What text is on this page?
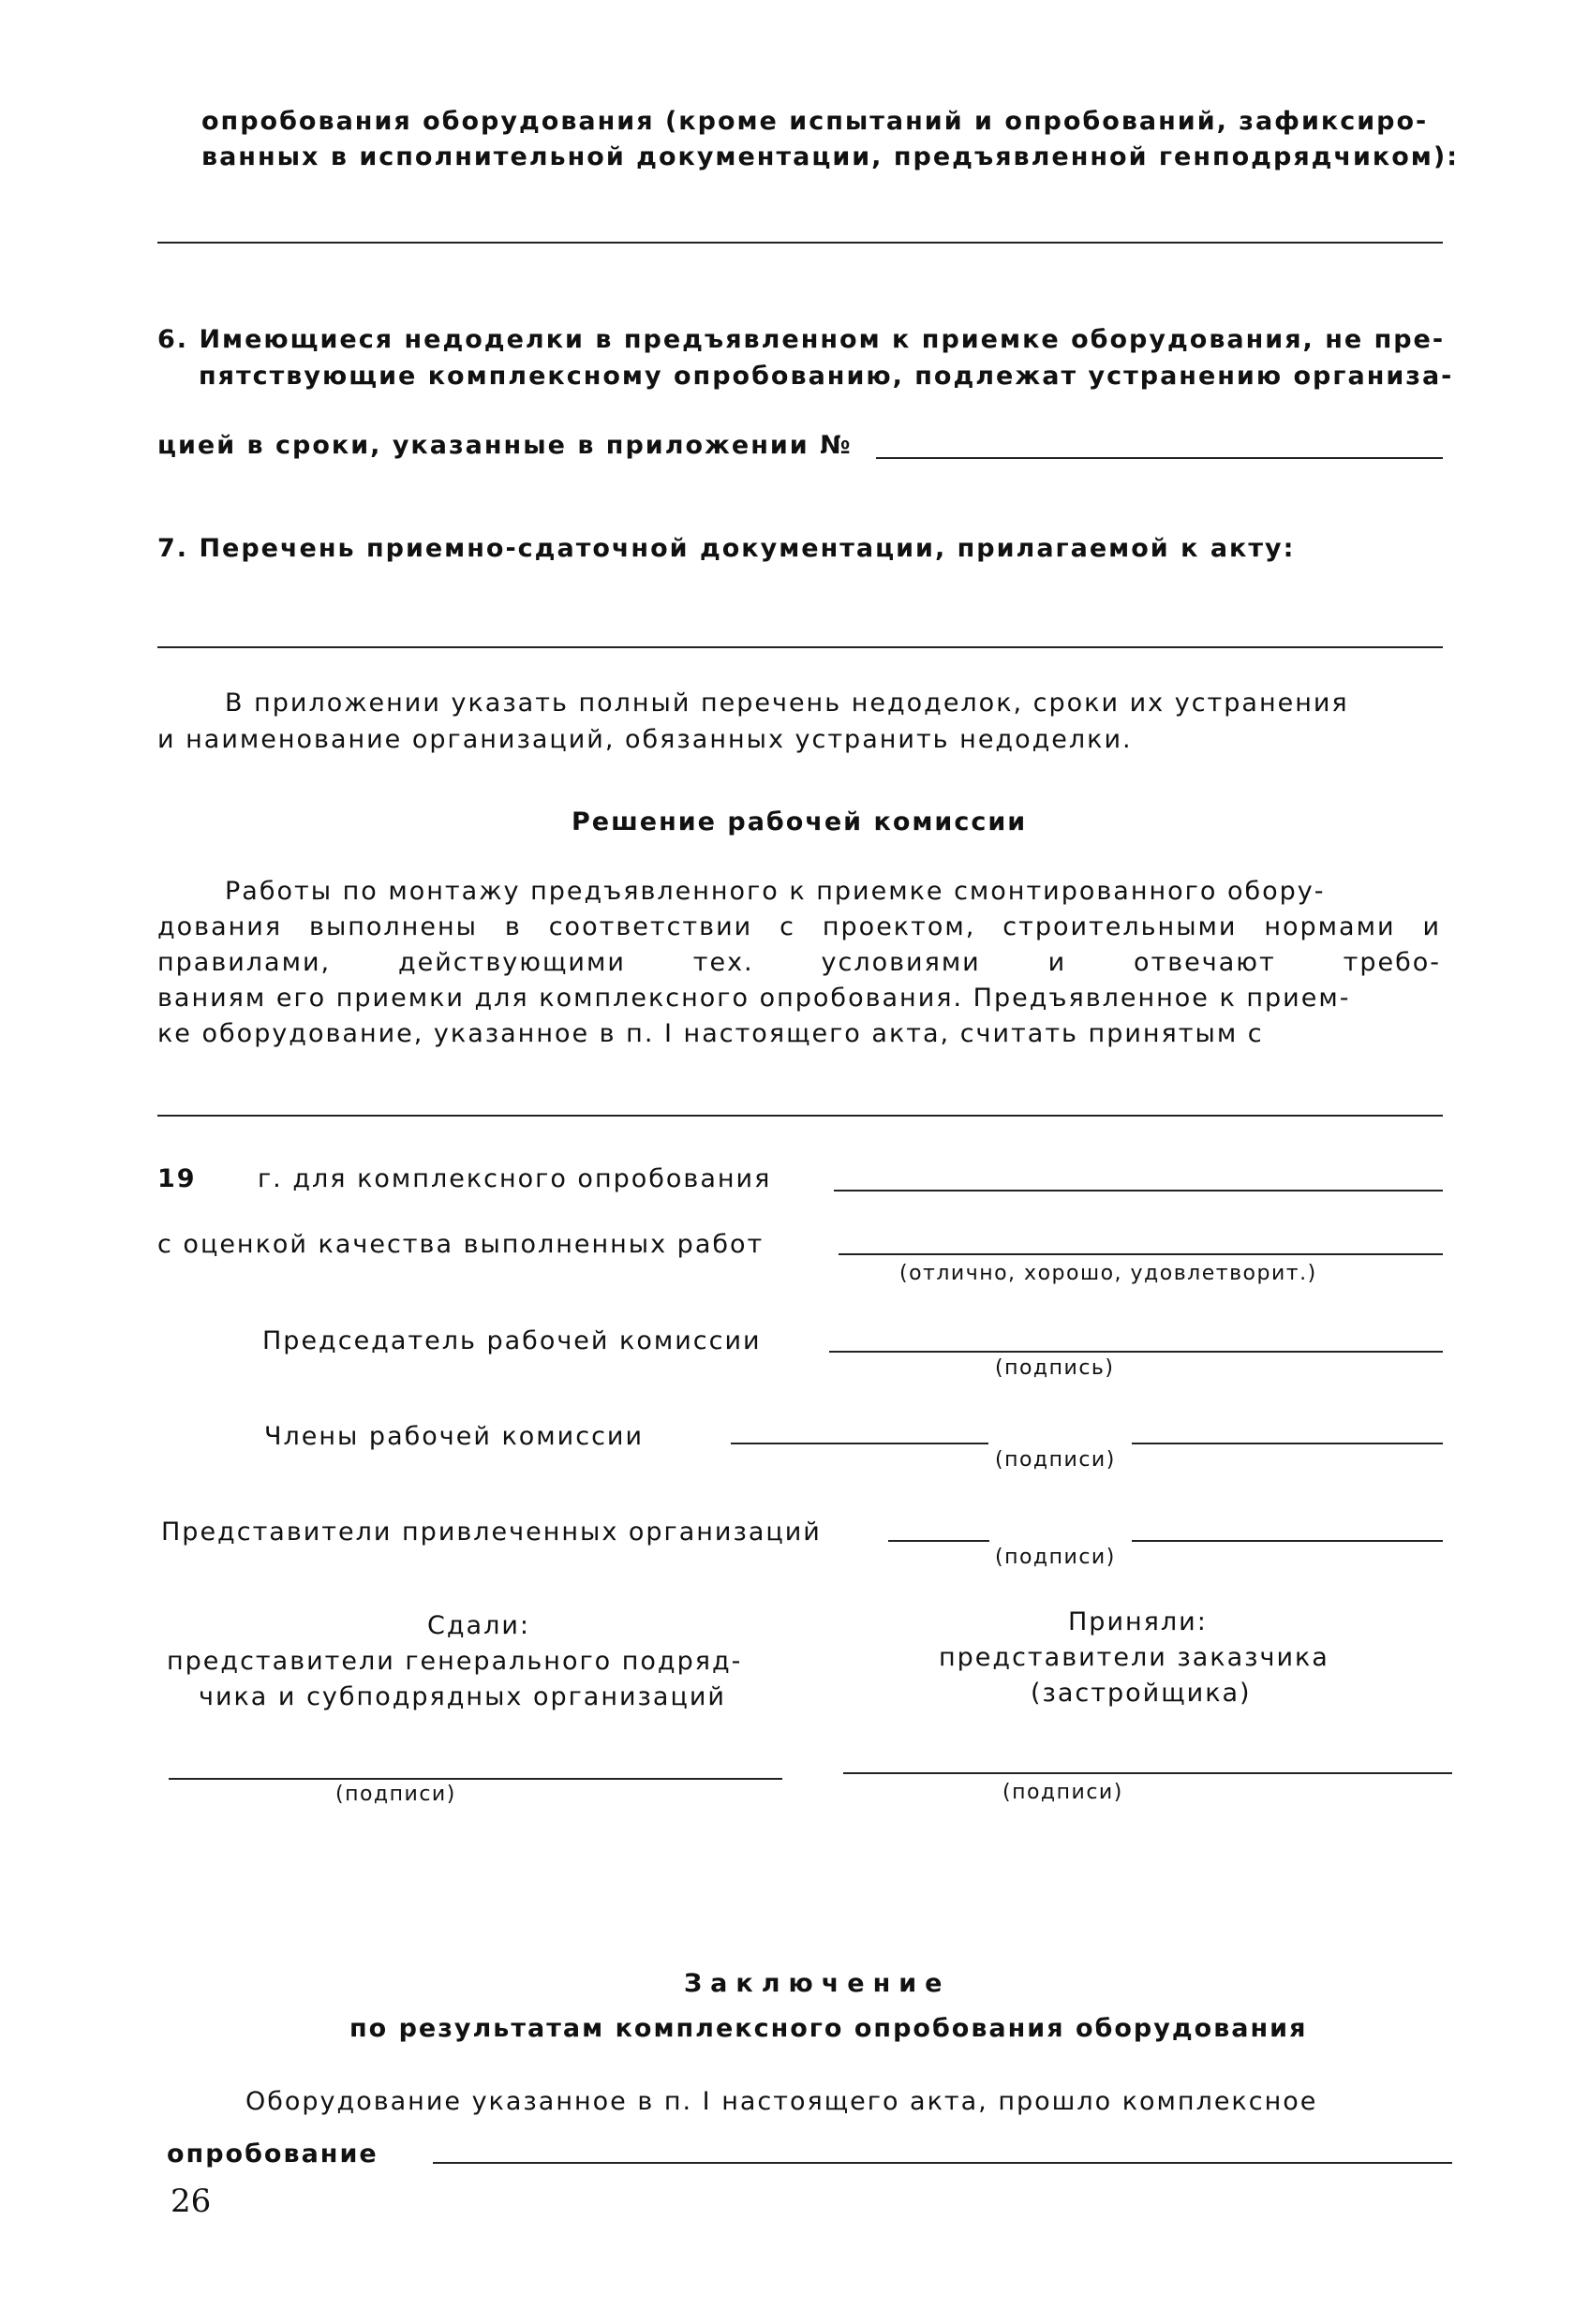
опробования оборудования (кроме испытаний и опробований, зафиксиро-
ванных в исполнительной документации, предъявленной генподрядчиком):
6. Имеющиеся недоделки в предъявленном к приемке оборудования, не пре-
пятствующие комплексному опробованию, подлежат устранению организа-
цией в сроки, указанные в приложении №
7. Перечень приемно-сдаточной документации, прилагаемой к акту:
В приложении указать полный перечень недоделок, сроки их устранения
и наименование организаций, обязанных устранить недоделки.
Решение рабочей комиссии
Работы по монтажу предъявленного к приемке смонтированного обору-
дования выполнены в соответствии с проектом, строительными нормами и
правилами, действующими тех. условиями и отвечают требо-
ваниям его приемки для комплексного опробования. Предъявленное к прием-
ке оборудование, указанное в п. I настоящего акта, считать принятым с
19 г. для комплексного опробования
с оценкой качества выполненных работ
(отлично, хорошо, удовлетворит.)
Председатель рабочей комиссии
(подпись)
Члены рабочей комиссии
(подписи)
Представители привлеченных организаций
(подписи)
Сдали:
представители генерального подряд-
чика и субподрядных организаций
Приняли:
представители заказчика
(застройщика)
(подписи)	(подписи)
Заключение
по результатам комплексного опробования оборудования
Оборудование указанное в п. I настоящего акта, прошло комплексное
опробование
26
